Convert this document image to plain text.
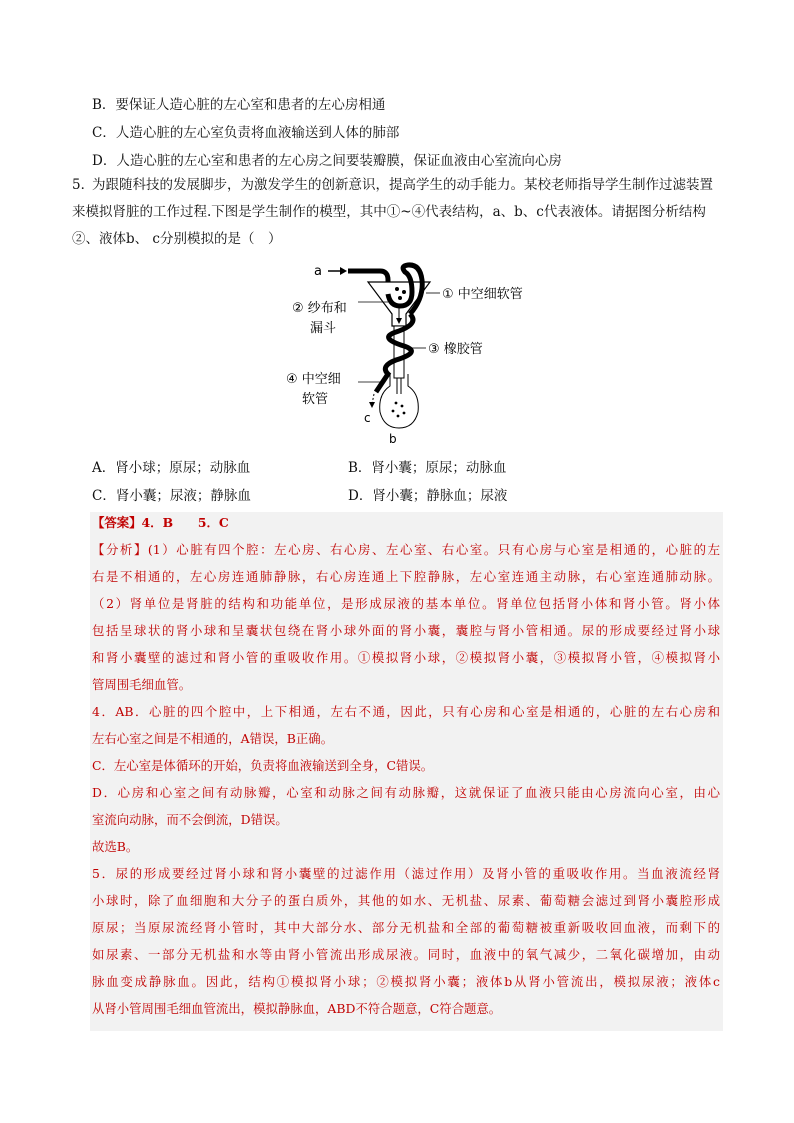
B．要保证人造心脏的左心室和患者的左心房相通
C．人造心脏的左心室负责将血液输送到人体的肺部
D．人造心脏的左心室和患者的左心房之间要装瓣膜，保证血液由心室流向心房
5．为跟随科技的发展脚步，为激发学生的创新意识，提高学生的动手能力。某校老师指导学生制作过滤装置来模拟肾脏的工作过程.下图是学生制作的模型，其中①~④代表结构，a、b、c代表液体。请据图分析结构②、液体b、 c分别模拟的是（　）
a
① 中空细软管
② 纱布和
漏斗
③ 橡胶管
④ 中空细
软管
c
b
A．肾小球；原尿；动脉血	B．肾小囊；原尿；动脉血
C．肾小囊；尿液；静脉血	D．肾小囊；静脉血；尿液
【答案】4．B　　5．C
【分析】(1）心脏有四个腔：左心房、右心房、左心室、右心室。只有心房与心室是相通的，心脏的左
右是不相通的，左心房连通肺静脉，右心房连通上下腔静脉，左心室连通主动脉，右心室连通肺动脉。
（2）肾单位是肾脏的结构和功能单位，是形成尿液的基本单位。肾单位包括肾小体和肾小管。肾小体
包括呈球状的肾小球和呈囊状包绕在肾小球外面的肾小囊，囊腔与肾小管相通。尿的形成要经过肾小球
和肾小囊壁的滤过和肾小管的重吸收作用。①模拟肾小球，②模拟肾小囊，③模拟肾小管，④模拟肾小
管周围毛细血管。
4．AB．心脏的四个腔中，上下相通，左右不通，因此，只有心房和心室是相通的，心脏的左右心房和
左右心室之间是不相通的，A错误，B正确。
C．左心室是体循环的开始，负责将血液输送到全身，C错误。
D．心房和心室之间有动脉瓣，心室和动脉之间有动脉瓣，这就保证了血液只能由心房流向心室，由心
室流向动脉，而不会倒流，D错误。
故选B。
5．尿的形成要经过肾小球和肾小囊壁的过滤作用（滤过作用）及肾小管的重吸收作用。当血液流经肾
小球时，除了血细胞和大分子的蛋白质外，其他的如水、无机盐、尿素、葡萄糖会滤过到肾小囊腔形成
原尿；当原尿流经肾小管时，其中大部分水、部分无机盐和全部的葡萄糖被重新吸收回血液，而剩下的
如尿素、一部分无机盐和水等由肾小管流出形成尿液。同时，血液中的氧气减少，二氧化碳增加，由动
脉血变成静脉血。因此，结构①模拟肾小球；②模拟肾小囊；液体b从肾小管流出，模拟尿液；液体c
从肾小管周围毛细血管流出，模拟静脉血，ABD不符合题意，C符合题意。
